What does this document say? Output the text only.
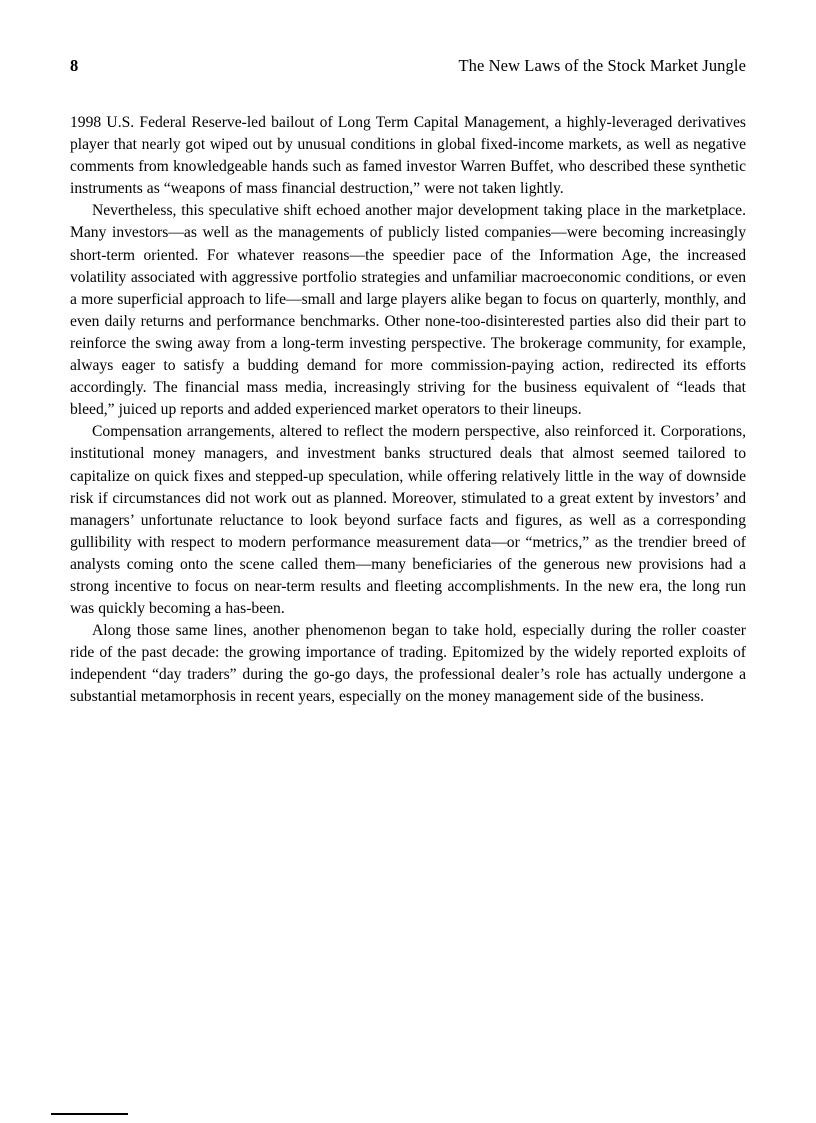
8	The New Laws of the Stock Market Jungle

1998 U.S. Federal Reserve-led bailout of Long Term Capital Management, a highly-leveraged derivatives player that nearly got wiped out by unusual conditions in global fixed-income markets, as well as negative comments from knowledgeable hands such as famed investor Warren Buffet, who described these synthetic instruments as “weapons of mass financial destruction,” were not taken lightly.

Nevertheless, this speculative shift echoed another major development taking place in the marketplace. Many investors—as well as the managements of publicly listed companies—were becoming increasingly short-term oriented. For whatever reasons—the speedier pace of the Information Age, the increased volatility associated with aggressive portfolio strategies and unfamiliar macroeconomic conditions, or even a more superficial approach to life—small and large players alike began to focus on quarterly, monthly, and even daily returns and performance benchmarks. Other none-too-disinterested parties also did their part to reinforce the swing away from a long-term investing perspective. The brokerage community, for example, always eager to satisfy a budding demand for more commission-paying action, redirected its efforts accordingly. The financial mass media, increasingly striving for the business equivalent of “leads that bleed,” juiced up reports and added experienced market operators to their lineups.

Compensation arrangements, altered to reflect the modern perspective, also reinforced it. Corporations, institutional money managers, and investment banks structured deals that almost seemed tailored to capitalize on quick fixes and stepped-up speculation, while offering relatively little in the way of downside risk if circumstances did not work out as planned. Moreover, stimulated to a great extent by investors’ and managers’ unfortunate reluctance to look beyond surface facts and figures, as well as a corresponding gullibility with respect to modern performance measurement data—or “metrics,” as the trendier breed of analysts coming onto the scene called them—many beneficiaries of the generous new provisions had a strong incentive to focus on near-term results and fleeting accomplishments. In the new era, the long run was quickly becoming a has-been.

Along those same lines, another phenomenon began to take hold, especially during the roller coaster ride of the past decade: the growing importance of trading. Epitomized by the widely reported exploits of independent “day traders” during the go-go days, the professional dealer’s role has actually undergone a substantial metamorphosis in recent years, especially on the money management side of the business.
